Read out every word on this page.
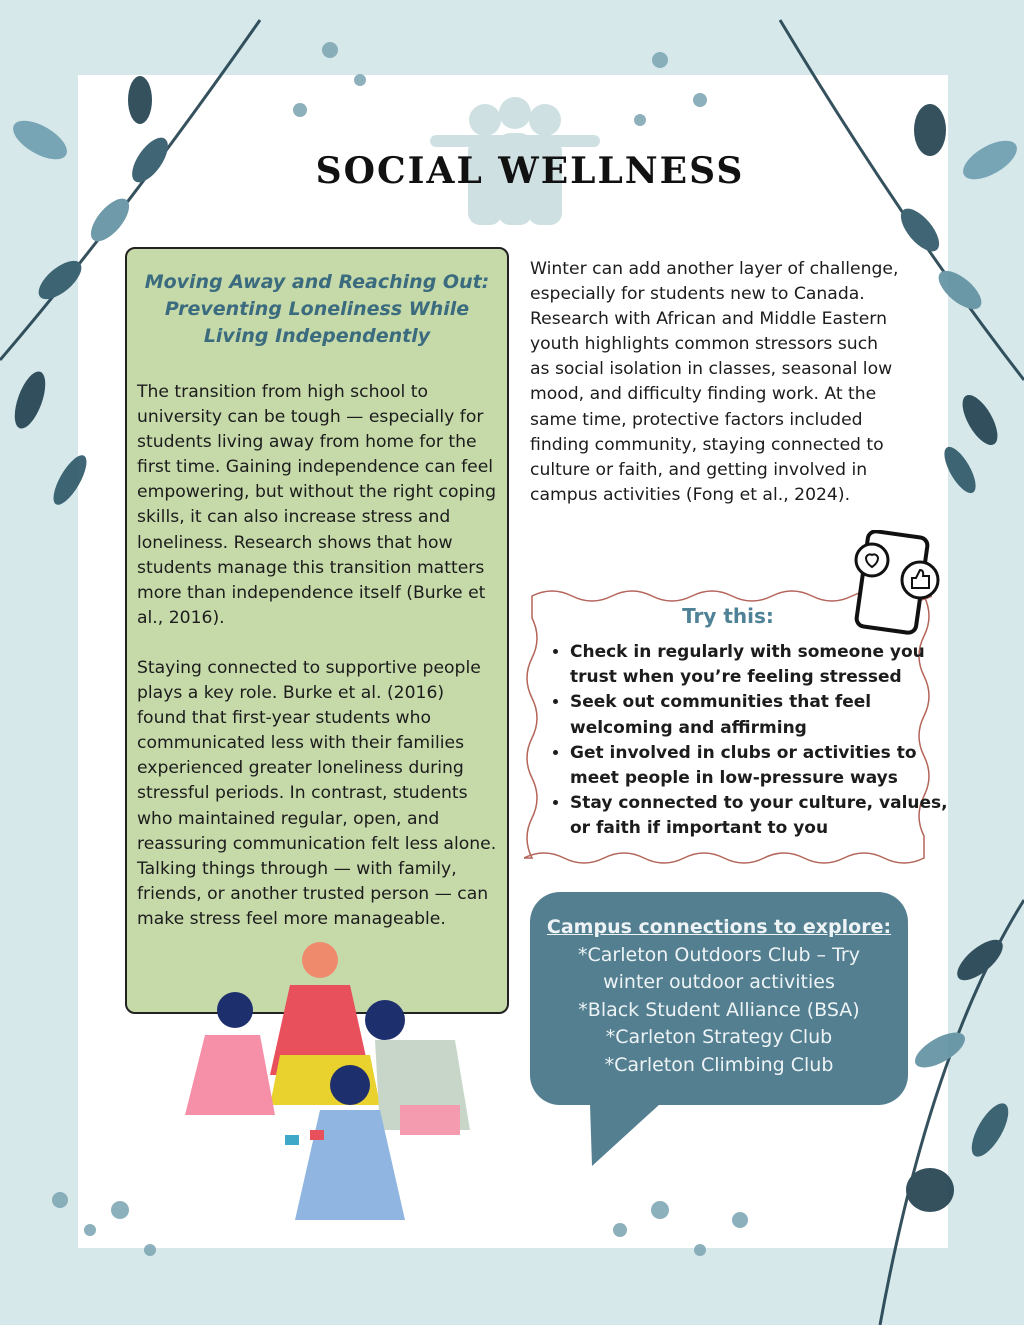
SOCIAL WELLNESS
Moving Away and Reaching Out: Preventing Loneliness While Living Independently

The transition from high school to university can be tough — especially for students living away from home for the first time. Gaining independence can feel empowering, but without the right coping skills, it can also increase stress and loneliness. Research shows that how students manage this transition matters more than independence itself (Burke et al., 2016).

Staying connected to supportive people plays a key role. Burke et al. (2016) found that first-year students who communicated less with their families experienced greater loneliness during stressful periods. In contrast, students who maintained regular, open, and reassuring communication felt less alone. Talking things through — with family, friends, or another trusted person — can make stress feel more manageable.

Winter can add another layer of challenge, especially for students new to Canada. Research with African and Middle Eastern youth highlights common stressors such as social isolation in classes, seasonal low mood, and difficulty finding work. At the same time, protective factors included finding community, staying connected to culture or faith, and getting involved in campus activities (Fong et al., 2024).

Try this:
• Check in regularly with someone you trust when you’re feeling stressed
• Seek out communities that feel welcoming and affirming
• Get involved in clubs or activities to meet people in low-pressure ways
• Stay connected to your culture, values, or faith if important to you
Campus connections to explore:
*Carleton Outdoors Club – Try winter outdoor activities
*Black Student Alliance (BSA)
*Carleton Strategy Club
*Carleton Climbing Club
